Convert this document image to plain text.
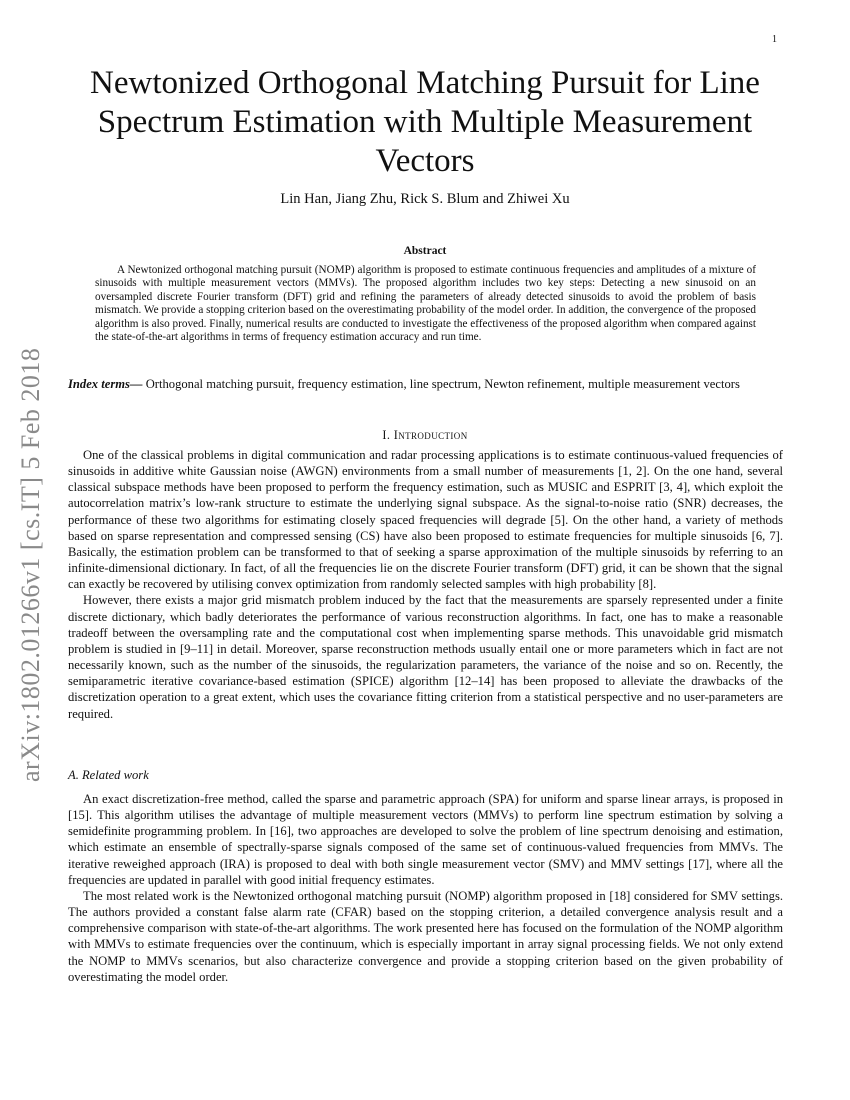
1
arXiv:1802.01266v1 [cs.IT] 5 Feb 2018
Newtonized Orthogonal Matching Pursuit for Line Spectrum Estimation with Multiple Measurement Vectors
Lin Han, Jiang Zhu, Rick S. Blum and Zhiwei Xu
Abstract
A Newtonized orthogonal matching pursuit (NOMP) algorithm is proposed to estimate continuous frequencies and amplitudes of a mixture of sinusoids with multiple measurement vectors (MMVs). The proposed algorithm includes two key steps: Detecting a new sinusoid on an oversampled discrete Fourier transform (DFT) grid and refining the parameters of already detected sinusoids to avoid the problem of basis mismatch. We provide a stopping criterion based on the overestimating probability of the model order. In addition, the convergence of the proposed algorithm is also proved. Finally, numerical results are conducted to investigate the effectiveness of the proposed algorithm when compared against the state-of-the-art algorithms in terms of frequency estimation accuracy and run time.
Index terms— Orthogonal matching pursuit, frequency estimation, line spectrum, Newton refinement, multiple measurement vectors
I. Introduction

One of the classical problems in digital communication and radar processing applications is to estimate continuous-valued frequencies of sinusoids in additive white Gaussian noise (AWGN) environments from a small number of measurements [1, 2]. On the one hand, several classical subspace methods have been proposed to perform the frequency estimation, such as MUSIC and ESPRIT [3, 4], which exploit the autocorrelation matrix’s low-rank structure to estimate the underlying signal subspace. As the signal-to-noise ratio (SNR) decreases, the performance of these two algorithms for estimating closely spaced frequencies will degrade [5]. On the other hand, a variety of methods based on sparse representation and compressed sensing (CS) have also been proposed to estimate frequencies for multiple sinusoids [6, 7]. Basically, the estimation problem can be transformed to that of seeking a sparse approximation of the multiple sinusoids by referring to an infinite-dimensional dictionary. In fact, of all the frequencies lie on the discrete Fourier transform (DFT) grid, it can be shown that the signal can exactly be recovered by utilising convex optimization from randomly selected samples with high probability [8].

However, there exists a major grid mismatch problem induced by the fact that the measurements are sparsely represented under a finite discrete dictionary, which badly deteriorates the performance of various reconstruction algorithms. In fact, one has to make a reasonable tradeoff between the oversampling rate and the computational cost when implementing sparse methods. This unavoidable grid mismatch problem is studied in [9–11] in detail. Moreover, sparse reconstruction methods usually entail one or more parameters which in fact are not necessarily known, such as the number of the sinusoids, the regularization parameters, the variance of the noise and so on. Recently, the semiparametric iterative covariance-based estimation (SPICE) algorithm [12–14] has been proposed to alleviate the drawbacks of the discretization operation to a great extent, which uses the covariance fitting criterion from a statistical perspective and no user-parameters are required.

A. Related work

An exact discretization-free method, called the sparse and parametric approach (SPA) for uniform and sparse linear arrays, is proposed in [15]. This algorithm utilises the advantage of multiple measurement vectors (MMVs) to perform line spectrum estimation by solving a semidefinite programming problem. In [16], two approaches are developed to solve the problem of line spectrum denoising and estimation, which estimate an ensemble of spectrally-sparse signals composed of the same set of continuous-valued frequencies from MMVs. The iterative reweighed approach (IRA) is proposed to deal with both single measurement vector (SMV) and MMV settings [17], where all the frequencies are updated in parallel with good initial frequency estimates.

The most related work is the Newtonized orthogonal matching pursuit (NOMP) algorithm proposed in [18] considered for SMV settings. The authors provided a constant false alarm rate (CFAR) based on the stopping criterion, a detailed convergence analysis result and a comprehensive comparison with state-of-the-art algorithms. The work presented here has focused on the formulation of the NOMP algorithm with MMVs to estimate frequencies over the continuum, which is especially important in array signal processing fields. We not only extend the NOMP to MMVs scenarios, but also characterize convergence and provide a stopping criterion based on the given probability of overestimating the model order.
